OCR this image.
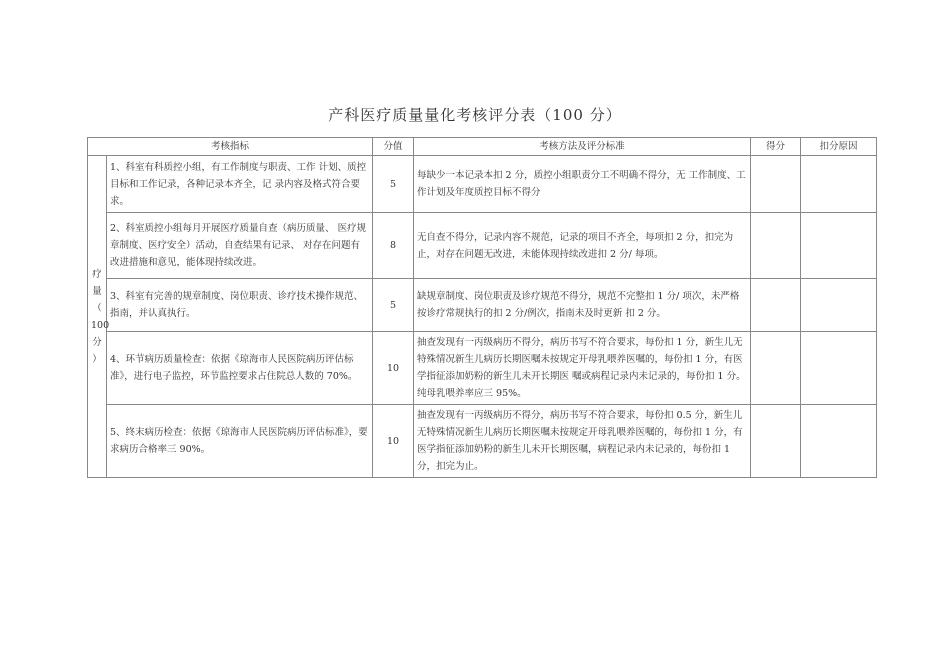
产科医疗质量量化考核评分表（100 分）
考核指标		分值	考核方法及评分标准	得分	扣分原因
疗 量 （ 100 分 ）	1、科室有科质控小组，有工作制度与职责、工作 计划、质控目标和工作记录，各种记录本齐全，记 录内容及格式符合要求。	5	每缺少一本记录本扣 2 分，质控小组职责分工不明确不得分，无 工作制度、工作计划及年度质控目标不得分		
	2、科室质控小组每月开展医疗质量自查（病历质量、 医疗规章制度、医疗安全）活动，自查结果有记录、 对存在问题有改进措施和意见，能体现持续改进。	8	无自查不得分，记录内容不规范，记录的项目不齐全，每项扣 2 分，扣完为止，对存在问题无改进，未能体现持续改进扣 2 分/ 每项。		
	3、科室有完善的规章制度、岗位职责、诊疗技术操作规范、指南，并认真执行。	5	缺规章制度、岗位职责及诊疗规范不得分，规范不完整扣 1 分/ 项次，未严格按诊疗常规执行的扣 2 分/例次，指南未及时更新 扣 2 分。		
	4、环节病历质量检查：依据《琼海市人民医院病历评估标准》，进行电子监控，环节监控要求占住院总人数的 70%。	10	抽查发现有一丙级病历不得分，病历书写不符合要求，每份扣 1 分，新生儿无特殊情况新生儿病历长期医嘱未按规定开母乳喂养医嘱的，每份扣 1 分，有医学指征添加奶粉的新生儿未开长期医 嘱或病程记录内未记录的，每份扣 1 分。纯母乳喂养率应三 95%。		
	5、终末病历检查：依据《琼海市人民医院病历评估标准》，要求病历合格率三 90%。	10	抽查发现有一丙级病历不得分，病历书写不符合要求，每份扣 0.5 分，新生儿无特殊情况新生儿病历长期医嘱未按规定开母乳喂养医嘱的，每份扣 1 分，有医学指征添加奶粉的新生儿未开长期医嘱，病程记录内未记录的，每份扣 1 分，扣完为止。		
